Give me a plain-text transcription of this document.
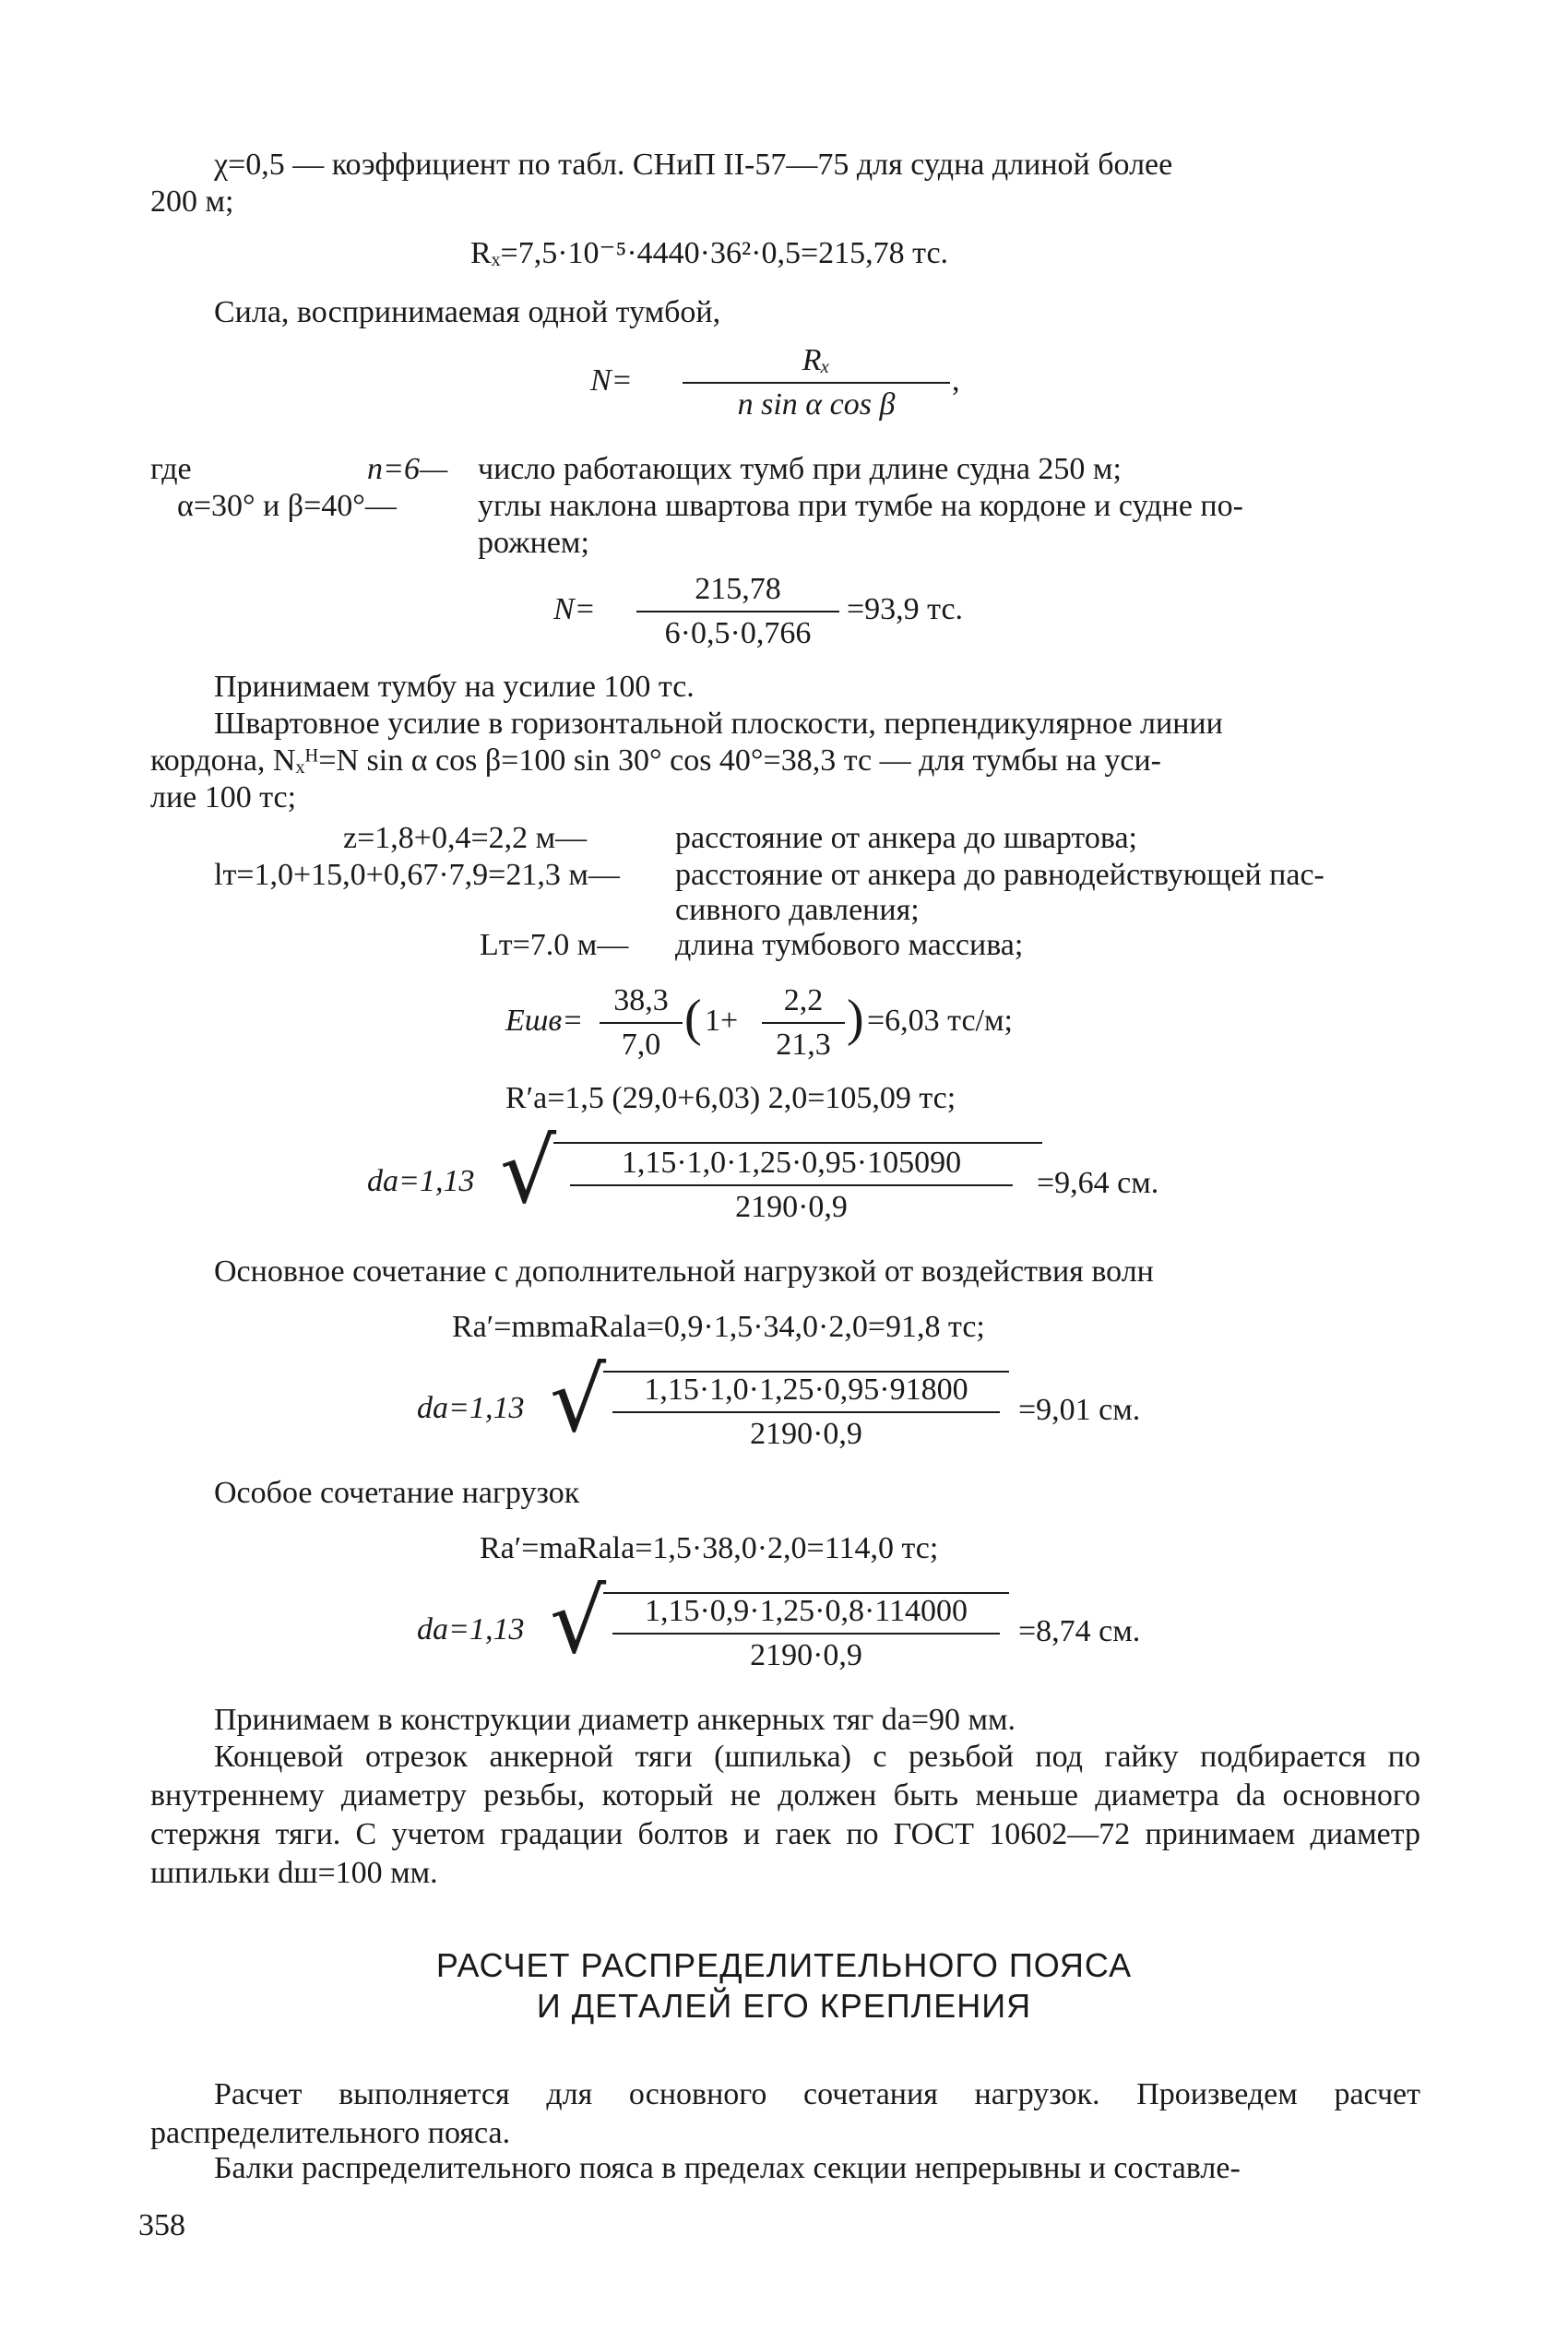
χ=0,5 — коэффициент по табл. СНиП II-57—75 для судна длиной более
200 м;
Rₓ=7,5·10⁻⁵·4440·36²·0,5=215,78 тс.
Сила, воспринимаемая одной тумбой,
$N= \frac{\text{Rₓ}}{\text{n sin α cos β}}$ ,
где	n=6— число работающих тумб при длине судна 250 м;
α=30° и β=40°—	углы наклона швартова при тумбе на кордоне и судне по-
рожнем;
$N= \frac{215,78}{6\cdot 0,5\cdot 0,766} =93,9$ тс.
Принимаем тумбу на усилие 100 тс.
Швартовное усилие в горизонтальной плоскости, перпендикулярное линии
кордона, Nₓᴴ=N sin α cos β=100 sin 30° cos 40°=38,3 тс — для тумбы на уси-
лие 100 тс;
z=1,8+0,4=2,2 м—	расстояние от анкера до швартова;
lт=1,0+15,0+0,67·7,9=21,3 м— расстояние от анкера до равнодействующей пас-
сивного давления;
Lт=7.0 м— длина тумбового массива;
$Eшв= \frac{38,3}{7,0}$ ( $1+ \frac{2,2}{21,3}$ ) =6,03 тс/м;
R′а=1,5 (29,0+6,03) 2,0=105,09 тс;
dа=1,13 √ $\frac{1,15\cdot 1,0\cdot 1,25\cdot 0,95\cdot 105090}{2190\cdot 0,9} =9,64$ см.
Основное сочетание с дополнительной нагрузкой от воздействия волн
Rа′=mвmаRаlа=0,9·1,5·34,0·2,0=91,8 тс;
dа=1,13 √ $\frac{1,15\cdot 1,0\cdot 1,25\cdot 0,95\cdot 91800}{2190\cdot 0,9} =9,01$ см.
Особое сочетание нагрузок
Rа′=mаRаlа=1,5·38,0·2,0=114,0 тс;
dа=1,13 √ $\frac{1,15\cdot 0,9\cdot 1,25\cdot 0,8\cdot 114000}{2190\cdot 0,9} =8,74$ см.
Принимаем в конструкции диаметр анкерных тяг dа=90 мм.
Концевой отрезок анкерной тяги (шпилька) с резьбой под гайку подбирается по внутреннему диаметру резьбы, который не должен быть меньше диаметра dа основного стержня тяги. С учетом градации болтов и гаек по ГОСТ 10602—72 принимаем диаметр шпильки dш=100 мм.
РАСЧЕТ РАСПРЕДЕЛИТЕЛЬНОГО ПОЯСА
И ДЕТАЛЕЙ ЕГО КРЕПЛЕНИЯ
Расчет выполняется для основного сочетания нагрузок. Произведем расчет распределительного пояса.
Балки распределительного пояса в пределах секции непрерывны и составле-
358
